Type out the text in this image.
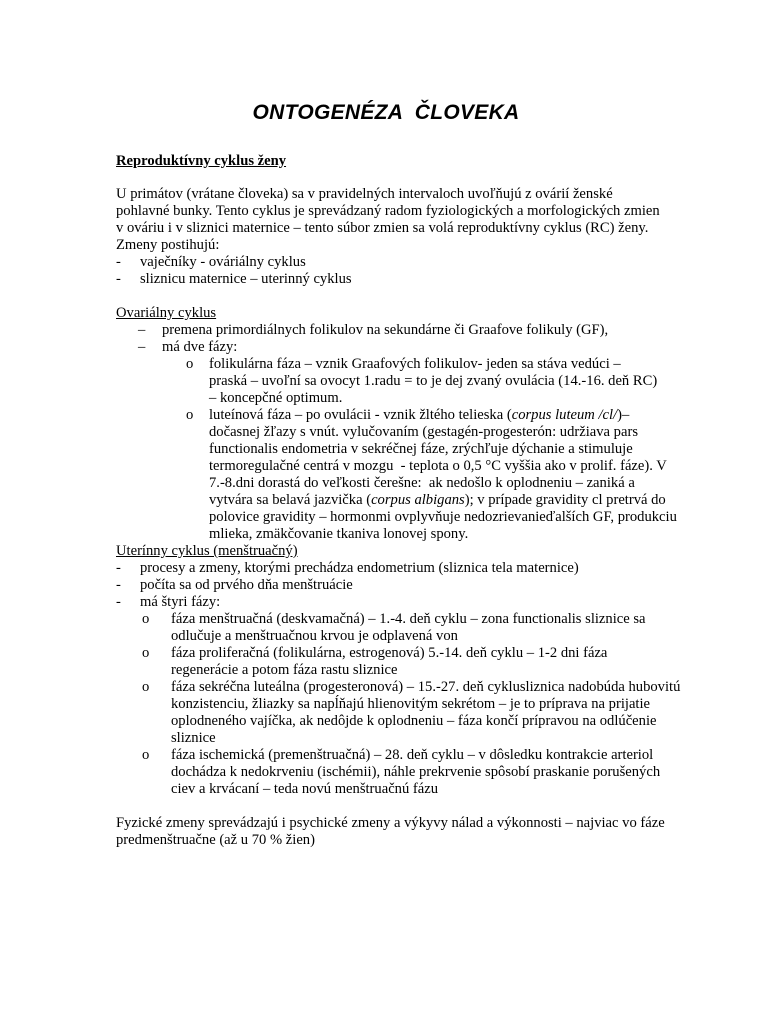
ONTOGENÉZA  ČLOVEKA

Reproduktívny cyklus ženy

U primátov (vrátane človeka) sa v pravidelných intervaloch uvoľňujú z ovárií ženské pohlavné bunky. Tento cyklus je sprevádzaný radom fyziologických a morfologických zmien v ováriu i v sliznici maternice – tento súbor zmien sa volá reproduktívny cyklus (RC) ženy.

Zmeny postihujú:

- vaječníky - ováriálny cyklus
- sliznicu maternice – uterinný cyklus

Ovariálny cyklus

– premena primordiálnych folikulov na sekundárne či Graafove folikuly (GF),
– má dve fázy:
o folikulárna fáza – vznik Graafových folikulov- jeden sa stáva vedúci – praská – uvoľní sa ovocyt 1.radu = to je dej zvaný ovulácia (14.-16. deň RC) – koncepčné optimum.
o luteínová fáza – po ovulácii - vznik žltého telieska (corpus luteum /cl/)– dočasnej žľazy s vnút. vylučovaním (gestagén-progesterón: udržiava pars functionalis endometria v sekréčnej fáze, zrýchľuje dýchanie a stimuluje termoregulačné centrá v mozgu  - teplota o 0,5 °C vyššia ako v prolif. fáze). V 7.-8.dni dorastá do veľkosti čerešne:  ak nedošlo k oplodneniu – zaniká a vytvára sa belavá jazvička (corpus albigans); v prípade gravidity cl pretrvá do polovice gravidity – hormonmi ovplyvňuje nedozrievanieďalších GF, produkciu mlieka, zmäkčovanie tkaniva lonovej spony.

Uterínny cyklus (menštruačný)

- procesy a zmeny, ktorými prechádza endometrium (sliznica tela maternice)
- počíta sa od prvého dňa menštruácie
- má štyri fázy:
o fáza menštruačná (deskvamačná) – 1.-4. deň cyklu – zona functionalis sliznice sa odlučuje a menštruačnou krvou je odplavená von
o fáza proliferačná (folikulárna, estrogenová) 5.-14. deň cyklu – 1-2 dni fáza regenerácie a potom fáza rastu sliznice
o fáza sekréčna luteálna (progesteronová) – 15.-27. deň cyklusliznica nadobúda hubovitú konzistenciu, žliazky sa napĺňajú hlienovitým sekrétom – je to príprava na prijatie oplodneného vajíčka, ak nedôjde k oplodneniu – fáza končí prípravou na odlúčenie sliznice
o fáza ischemická (premenštruačná) – 28. deň cyklu – v dôsledku kontrakcie arteriol dochádza k nedokrveniu (ischémii), náhle prekrvenie spôsobí praskanie porušených ciev a krvácaní – teda novú menštruačnú fázu

Fyzické zmeny sprevádzajú i psychické zmeny a výkyvy nálad a výkonnosti – najviac vo fáze predmenštruačne (až u 70 % žien)
